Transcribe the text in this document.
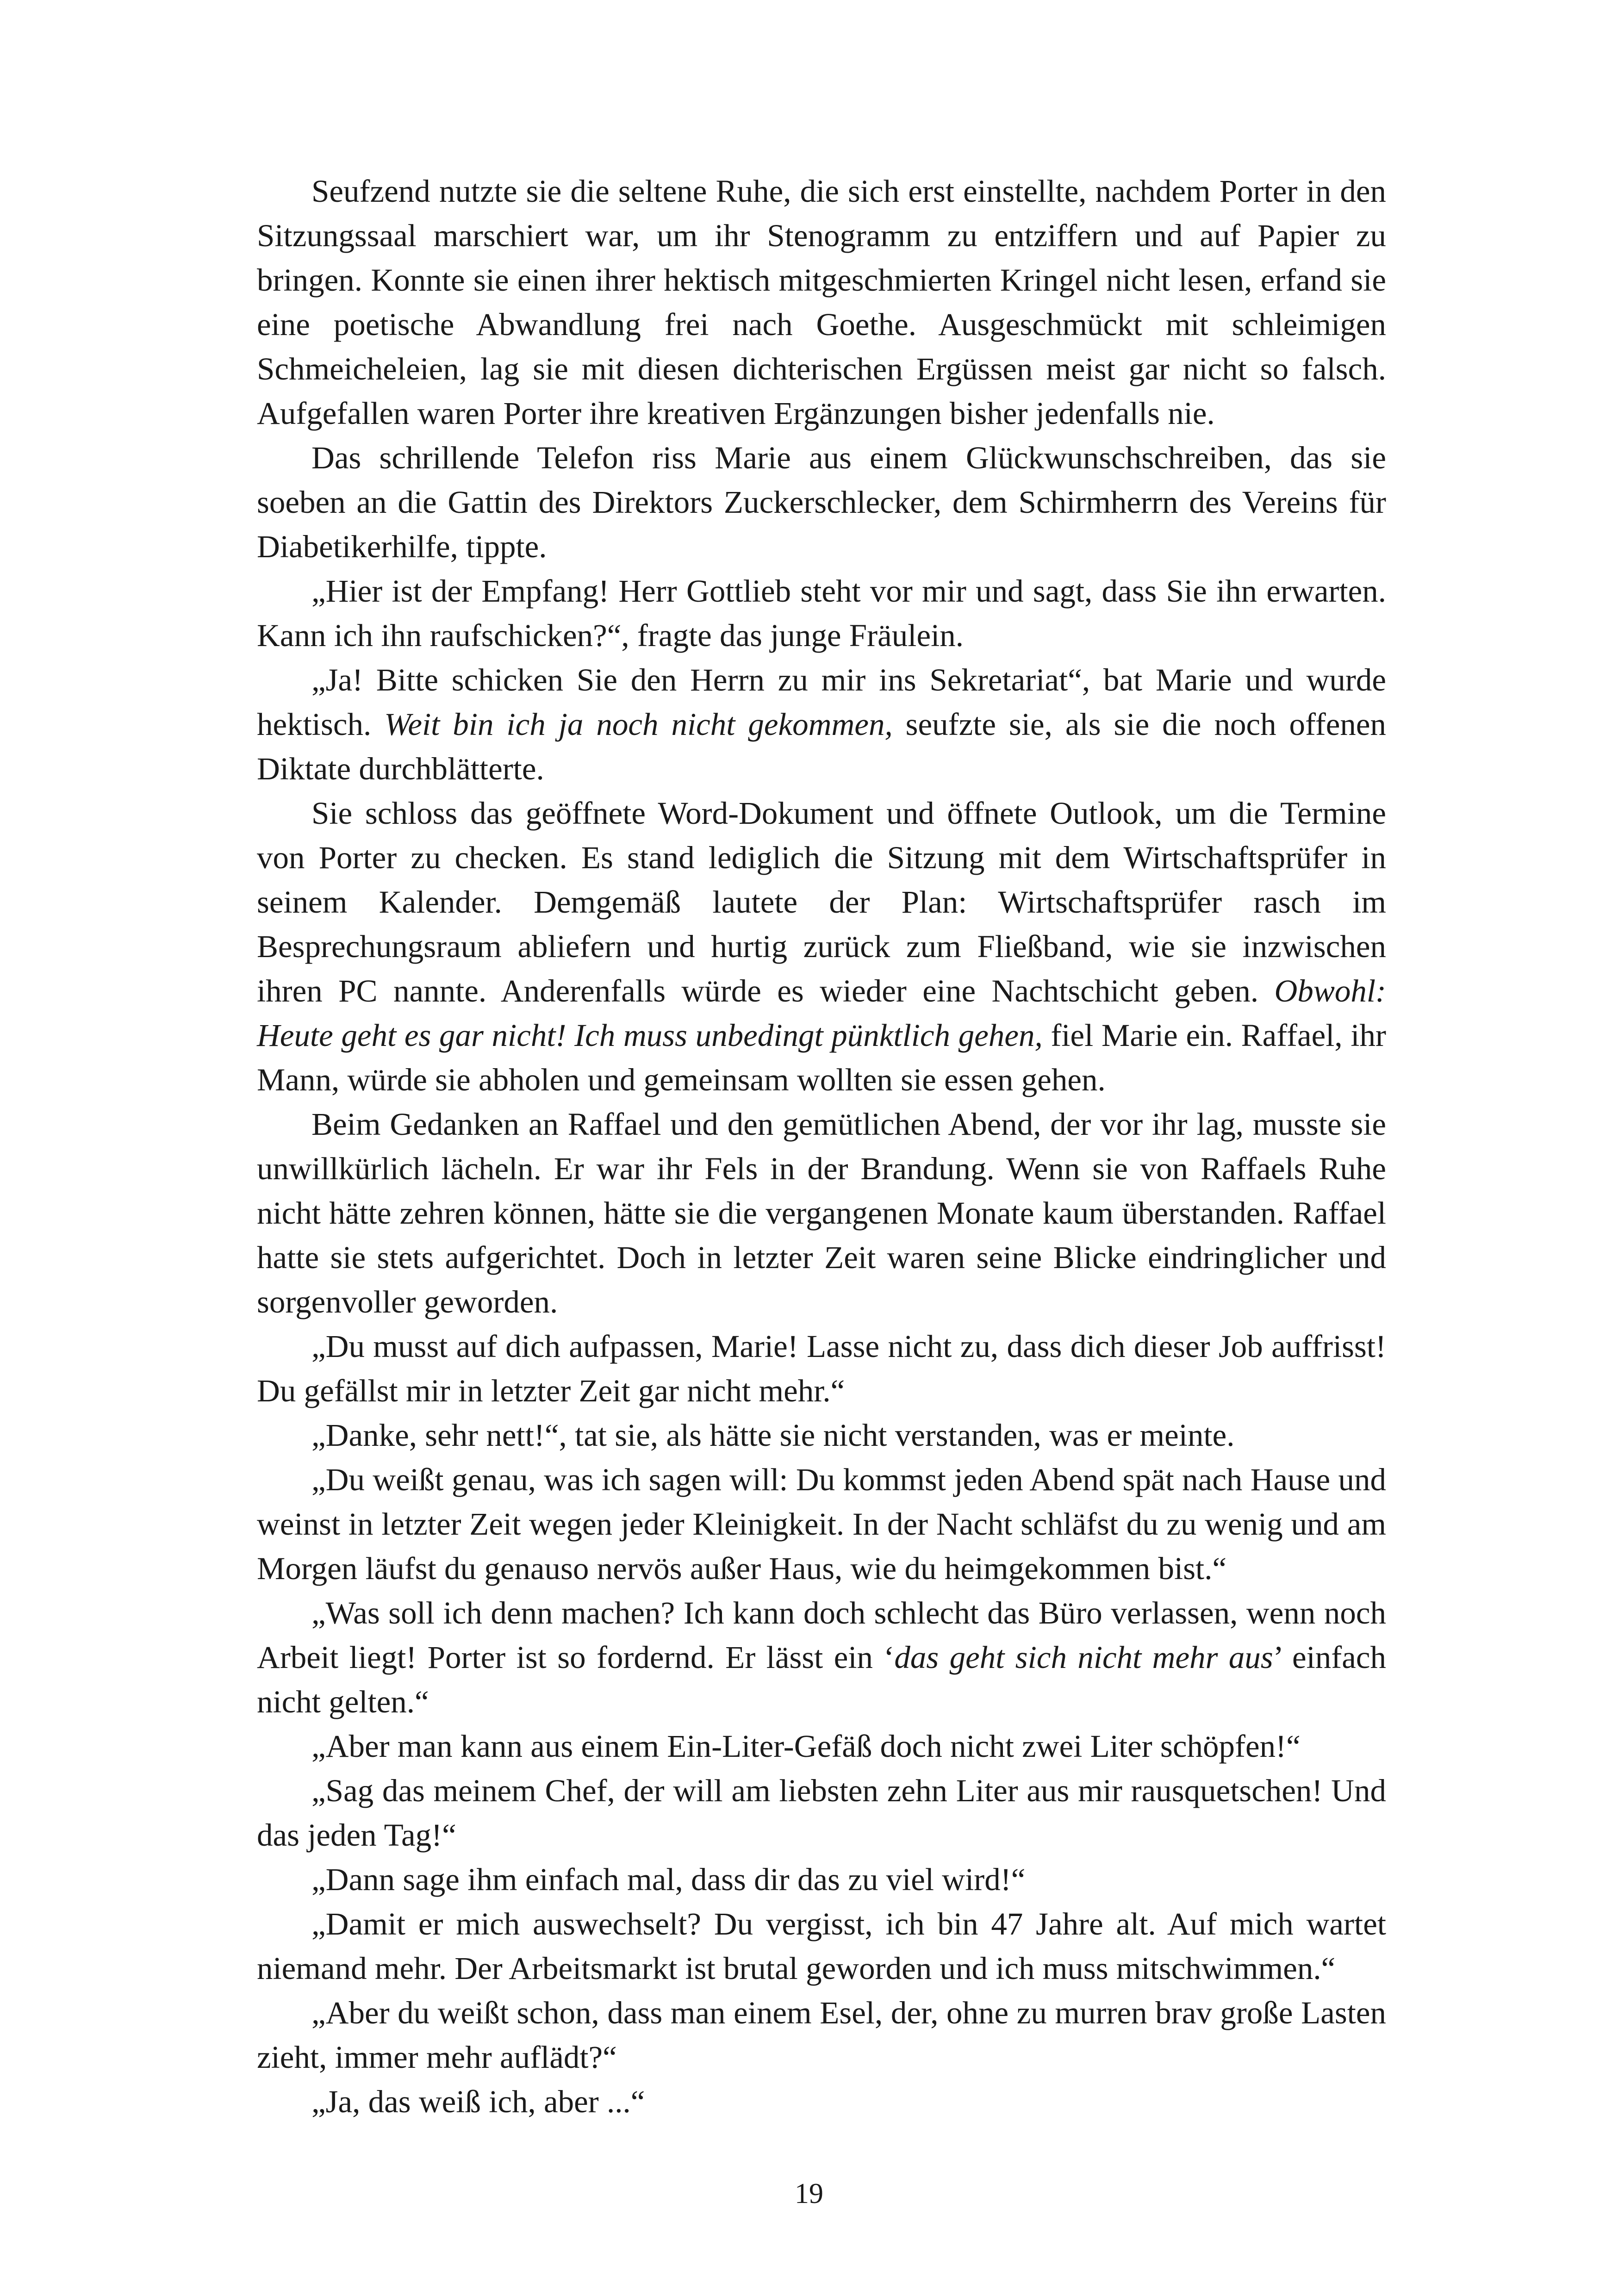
Seufzend nutzte sie die seltene Ruhe, die sich erst einstellte, nachdem Porter in den Sitzungssaal marschiert war, um ihr Stenogramm zu entziffern und auf Papier zu bringen. Konnte sie einen ihrer hektisch mitgeschmierten Kringel nicht lesen, erfand sie eine poetische Abwandlung frei nach Goethe. Ausgeschmückt mit schleimigen Schmeicheleien, lag sie mit diesen dichterischen Ergüssen meist gar nicht so falsch. Aufgefallen waren Porter ihre kreativen Ergänzungen bisher jedenfalls nie.

Das schrillende Telefon riss Marie aus einem Glückwunschschreiben, das sie soeben an die Gattin des Direktors Zuckerschlecker, dem Schirmherrn des Vereins für Diabetikerhilfe, tippte.

„Hier ist der Empfang! Herr Gottlieb steht vor mir und sagt, dass Sie ihn erwarten. Kann ich ihn raufschicken?“, fragte das junge Fräulein.

„Ja! Bitte schicken Sie den Herrn zu mir ins Sekretariat“, bat Marie und wurde hektisch. Weit bin ich ja noch nicht gekommen, seufzte sie, als sie die noch offenen Diktate durchblätterte.

Sie schloss das geöffnete Word-Dokument und öffnete Outlook, um die Termine von Porter zu checken. Es stand lediglich die Sitzung mit dem Wirtschaftsprüfer in seinem Kalender. Demgemäß lautete der Plan: Wirtschaftsprüfer rasch im Besprechungsraum abliefern und hurtig zurück zum Fließband, wie sie inzwischen ihren PC nannte. Anderenfalls würde es wieder eine Nachtschicht geben. Obwohl: Heute geht es gar nicht! Ich muss unbedingt pünktlich gehen, fiel Marie ein. Raffael, ihr Mann, würde sie abholen und gemeinsam wollten sie essen gehen.

Beim Gedanken an Raffael und den gemütlichen Abend, der vor ihr lag, musste sie unwillkürlich lächeln. Er war ihr Fels in der Brandung. Wenn sie von Raffaels Ruhe nicht hätte zehren können, hätte sie die vergangenen Monate kaum überstanden. Raffael hatte sie stets aufgerichtet. Doch in letzter Zeit waren seine Blicke eindringlicher und sorgenvoller geworden.

„Du musst auf dich aufpassen, Marie! Lasse nicht zu, dass dich dieser Job auffrisst! Du gefällst mir in letzter Zeit gar nicht mehr.“

„Danke, sehr nett!“, tat sie, als hätte sie nicht verstanden, was er meinte.

„Du weißt genau, was ich sagen will: Du kommst jeden Abend spät nach Hause und weinst in letzter Zeit wegen jeder Kleinigkeit. In der Nacht schläfst du zu wenig und am Morgen läufst du genauso nervös außer Haus, wie du heimgekommen bist.“

„Was soll ich denn machen? Ich kann doch schlecht das Büro verlassen, wenn noch Arbeit liegt! Porter ist so fordernd. Er lässt ein ‘das geht sich nicht mehr aus’ einfach nicht gelten.“

„Aber man kann aus einem Ein-Liter-Gefäß doch nicht zwei Liter schöpfen!“

„Sag das meinem Chef, der will am liebsten zehn Liter aus mir rausquetschen! Und das jeden Tag!“

„Dann sage ihm einfach mal, dass dir das zu viel wird!“

„Damit er mich auswechselt? Du vergisst, ich bin 47 Jahre alt. Auf mich wartet niemand mehr. Der Arbeitsmarkt ist brutal geworden und ich muss mitschwimmen.“

„Aber du weißt schon, dass man einem Esel, der, ohne zu murren brav große Lasten zieht, immer mehr auflädt?“

„Ja, das weiß ich, aber ...“

19
